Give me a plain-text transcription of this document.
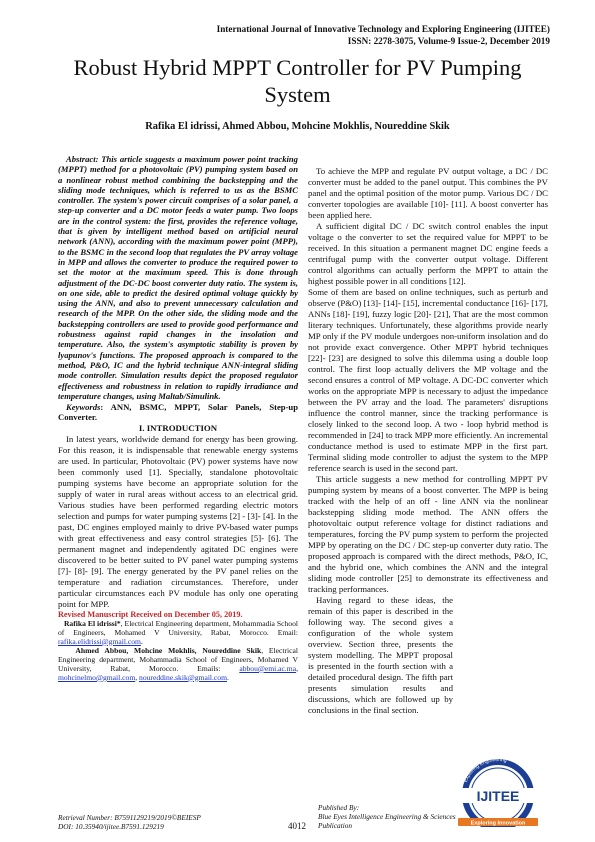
International Journal of Innovative Technology and Exploring Engineering (IJITEE)
ISSN: 2278-3075, Volume-9 Issue-2, December 2019
Robust Hybrid MPPT Controller for PV Pumping System
Rafika El idrissi, Ahmed Abbou, Mohcine Mokhlis, Noureddine Skik

Abstract: This article suggests a maximum power point tracking (MPPT) method for a photovoltaic (PV) pumping system based on a nonlinear robust method combining the backstepping and the sliding mode techniques, which is referred to us as the BSMC controller. The system's power circuit comprises of a solar panel, a step-up converter and a DC motor feeds a water pump. Two loops are in the control system: the first, provides the reference voltage, that is given by intelligent method based on artificial neural network (ANN), according with the maximum power point (MPP), to the BSMC in the second loop that regulates the PV array voltage in MPP and allows the converter to produce the required power to set the motor at the maximum speed. This is done through adjustment of the DC-DC boost converter duty ratio. The system is, on one side, able to predict the desired optimal voltage quickly by using the ANN, and also to prevent unnecessary calculation and research of the MPP. On the other side, the sliding mode and the backstepping controllers are used to provide good performance and robustness against rapid changes in the insolation and temperature. Also, the system's asymptotic stability is proven by lyapunov's functions. The proposed approach is compared to the method, P&O, IC and the hybrid technique ANN-integral sliding mode controller. Simulation results depict the proposed regulator effectiveness and robustness in relation to rapidly irradiance and temperature changes, using Maltab/Simulink.

Keywords: ANN, BSMC, MPPT, Solar Panels, Step-up Converter.

I. INTRODUCTION

In latest years, worldwide demand for energy has been growing. For this reason, it is indispensable that renewable energy systems are used. In particular, Photovoltaic (PV) power systems have now been commonly used [1]. Specially, standalone photovoltaic pumping systems have become an appropriate solution for the supply of water in rural areas without access to an electrical grid. Various studies have been performed regarding electric motors selection and pumps for water pumping systems [2] - [3]- [4]. In the past, DC engines employed mainly to drive PV-based water pumps with great effectiveness and easy control strategies [5]- [6]. The permanent magnet and independently agitated DC engines were discovered to be better suited to PV panel water pumping systems [7]- [8]- [9]. The energy generated by the PV panel relies on the temperature and radiation circumstances. Therefore, under particular circumstances each PV module has only one operating point for MPP.

Revised Manuscript Received on December 05, 2019.
Rafika El idrissi*, Electrical Engineering department, Mohammadia School of Engineers, Mohamed V University, Rabat, Morocco. Email: rafika.elidrissi@gmail.com.
Ahmed Abbou, Mohcine Mokhlis, Noureddine Skik, Electrical Engineering department, Mohammadia School of Engineers, Mohamed V University, Rabat, Morocco. Emails: abbou@emi.ac.ma, mohcinelmo@gmail.com, noureddine.skik@gmail.com.

To achieve the MPP and regulate PV output voltage, a DC / DC converter must be added to the panel output. This combines the PV panel and the optimal position of the motor pump. Various DC / DC converter topologies are available [10]- [11]. A boost converter has been applied here.

A sufficient digital DC / DC switch control enables the input voltage o the converter to set the required value for MPPT to be received. In this situation a permanent magnet DC engine feeds a centrifugal pump with the converter output voltage. Different control algorithms can actually perform the MPPT to attain the highest possible power in all conditions [12].

Some of them are based on online techniques, such as perturb and observe (P&O) [13]- [14]- [15], incremental conductance [16]- [17], ANNs [18]- [19], fuzzy logic [20]- [21], That are the most common literary techniques. Unfortunately, these algorithms provide nearly MP only if the PV module undergoes non-uniform insolation and do not provide exact convergence. Other MPPT hybrid techniques [22]- [23] are designed to solve this dilemma using a double loop control. The first loop actually delivers the MP voltage and the second ensures a control of MP voltage. A DC-DC converter which works on the appropriate MPP is necessary to adjust the impedance between the PV array and the load. The parameters' disruptions influence the control manner, since the tracking performance is closely linked to the second loop. A two - loop hybrid method is recommended in [24] to track MPP more efficiently. An incremental conductance method is used to estimate MPP in the first part. Terminal sliding mode controller to adjust the system to the MPP reference search is used in the second part.

This article suggests a new method for controlling MPPT PV pumping system by means of a boost converter. The MPP is being tracked with the help of an off - line ANN via the nonlinear backstepping sliding mode method. The ANN offers the photovoltaic output reference voltage for distinct radiations and temperatures, forcing the PV pump system to perform the projected MPP by operating on the DC / DC step-up converter duty ratio. The proposed approach is compared with the direct methods, P&O, IC, and the hybrid one, which combines the ANN and the integral sliding mode controller [25] to demonstrate its effectiveness and tracking performances.

Having regard to these ideas, the remain of this paper is described in the following way. The second gives a configuration of the whole system overview. Section three, presents the system modelling. The MPPT proposal is presented in the fourth section with a detailed procedural design. The fifth part presents simulation results and discussions, which are followed up by conclusions in the final section.

Retrieval Number: B7591129219/2019©BEIESP
DOI: 10.35940/ijitee.B7591.129219	4012
Published By:
Blue Eyes Intelligence Engineering & Sciences
Publication
Exploring Engineering
IJITEE
Exploring Innovation
